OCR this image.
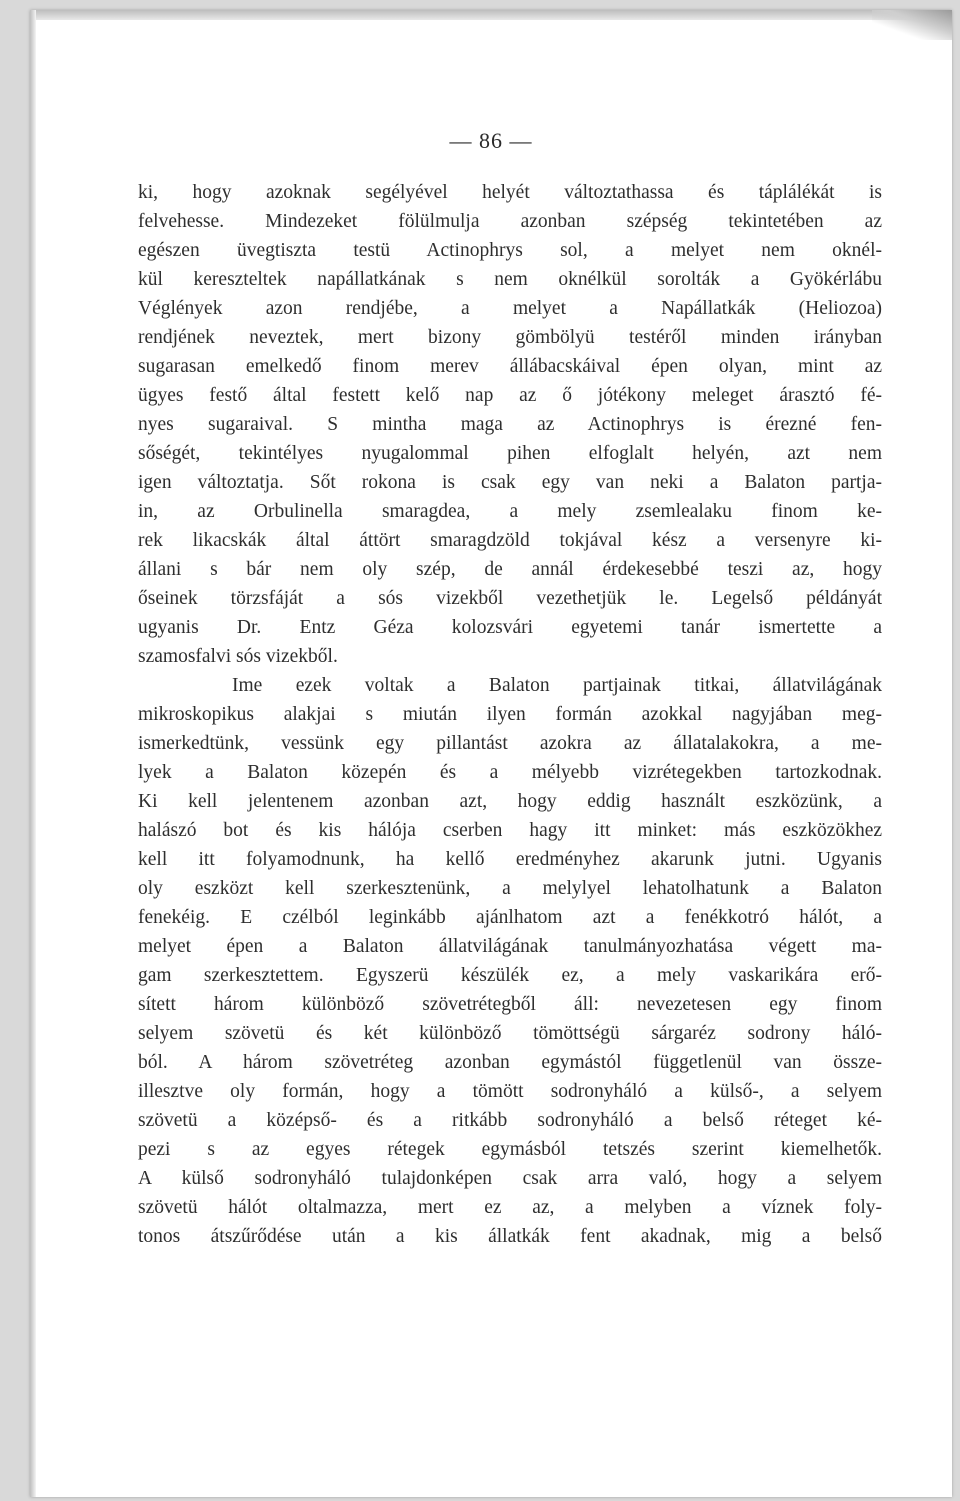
— 86 —
ki, hogy azoknak segélyével helyét változtathassa és táplálékát is
felvehesse. Mindezeket fölülmulja azonban szépség tekintetében az
egészen üvegtiszta testü Actinophrys sol, a melyet nem oknél-
kül kereszteltek napállatkának s nem oknélkül sorolták a Gyökérlábu
Véglények azon rendjébe, a melyet a Napállatkák (Heliozoa)
rendjének neveztek, mert bizony gömbölyü testéről minden irányban
sugarasan emelkedő finom merev állábacskáival épen olyan, mint az
ügyes festő által festett kelő nap az ő jótékony meleget árasztó fé-
nyes sugaraival. S mintha maga az Actinophrys is érezné fen-
sőségét, tekintélyes nyugalommal pihen elfoglalt helyén, azt nem
igen változtatja. Sőt rokona is csak egy van neki a Balaton partja-
in, az Orbulinella smaragdea, a mely zsemlealaku finom ke-
rek likacskák által áttört smaragdzöld tokjával kész a versenyre ki-
állani s bár nem oly szép, de annál érdekesebbé teszi az, hogy
őseinek törzsfáját a sós vizekből vezethetjük le. Legelső példányát
ugyanis Dr. Entz Géza kolozsvári egyetemi tanár ismertette a
szamosfalvi sós vizekből.
Ime ezek voltak a Balaton partjainak titkai, állatvilágának
mikroskopikus alakjai s miután ilyen formán azokkal nagyjában meg-
ismerkedtünk, vessünk egy pillantást azokra az állatalakokra, a me-
lyek a Balaton közepén és a mélyebb vizrétegekben tartozkodnak.
Ki kell jelentenem azonban azt, hogy eddig használt eszközünk, a
halászó bot és kis hálója cserben hagy itt minket: más eszközökhez
kell itt folyamodnunk, ha kellő eredményhez akarunk jutni. Ugyanis
oly eszközt kell szerkesztenünk, a melylyel lehatolhatunk a Balaton
fenekéig. E czélból leginkább ajánlhatom azt a fenékkotró hálót, a
melyet épen a Balaton állatvilágának tanulmányozhatása végett ma-
gam szerkesztettem. Egyszerü készülék ez, a mely vaskarikára erő-
sített három különböző szövetrétegből áll: nevezetesen egy finom
selyem szövetü és két különböző tömöttségü sárgaréz sodrony háló-
ból. A három szövetréteg azonban egymástól függetlenül van össze-
illesztve oly formán, hogy a tömött sodronyháló a külső-, a selyem
szövetü a középső- és a ritkább sodronyháló a belső réteget ké-
pezi s az egyes rétegek egymásból tetszés szerint kiemelhetők.
A külső sodronyháló tulajdonképen csak arra való, hogy a selyem
szövetü hálót oltalmazza, mert ez az, a melyben a víznek foly-
tonos átszűrődése után a kis állatkák fent akadnak, mig a belső
